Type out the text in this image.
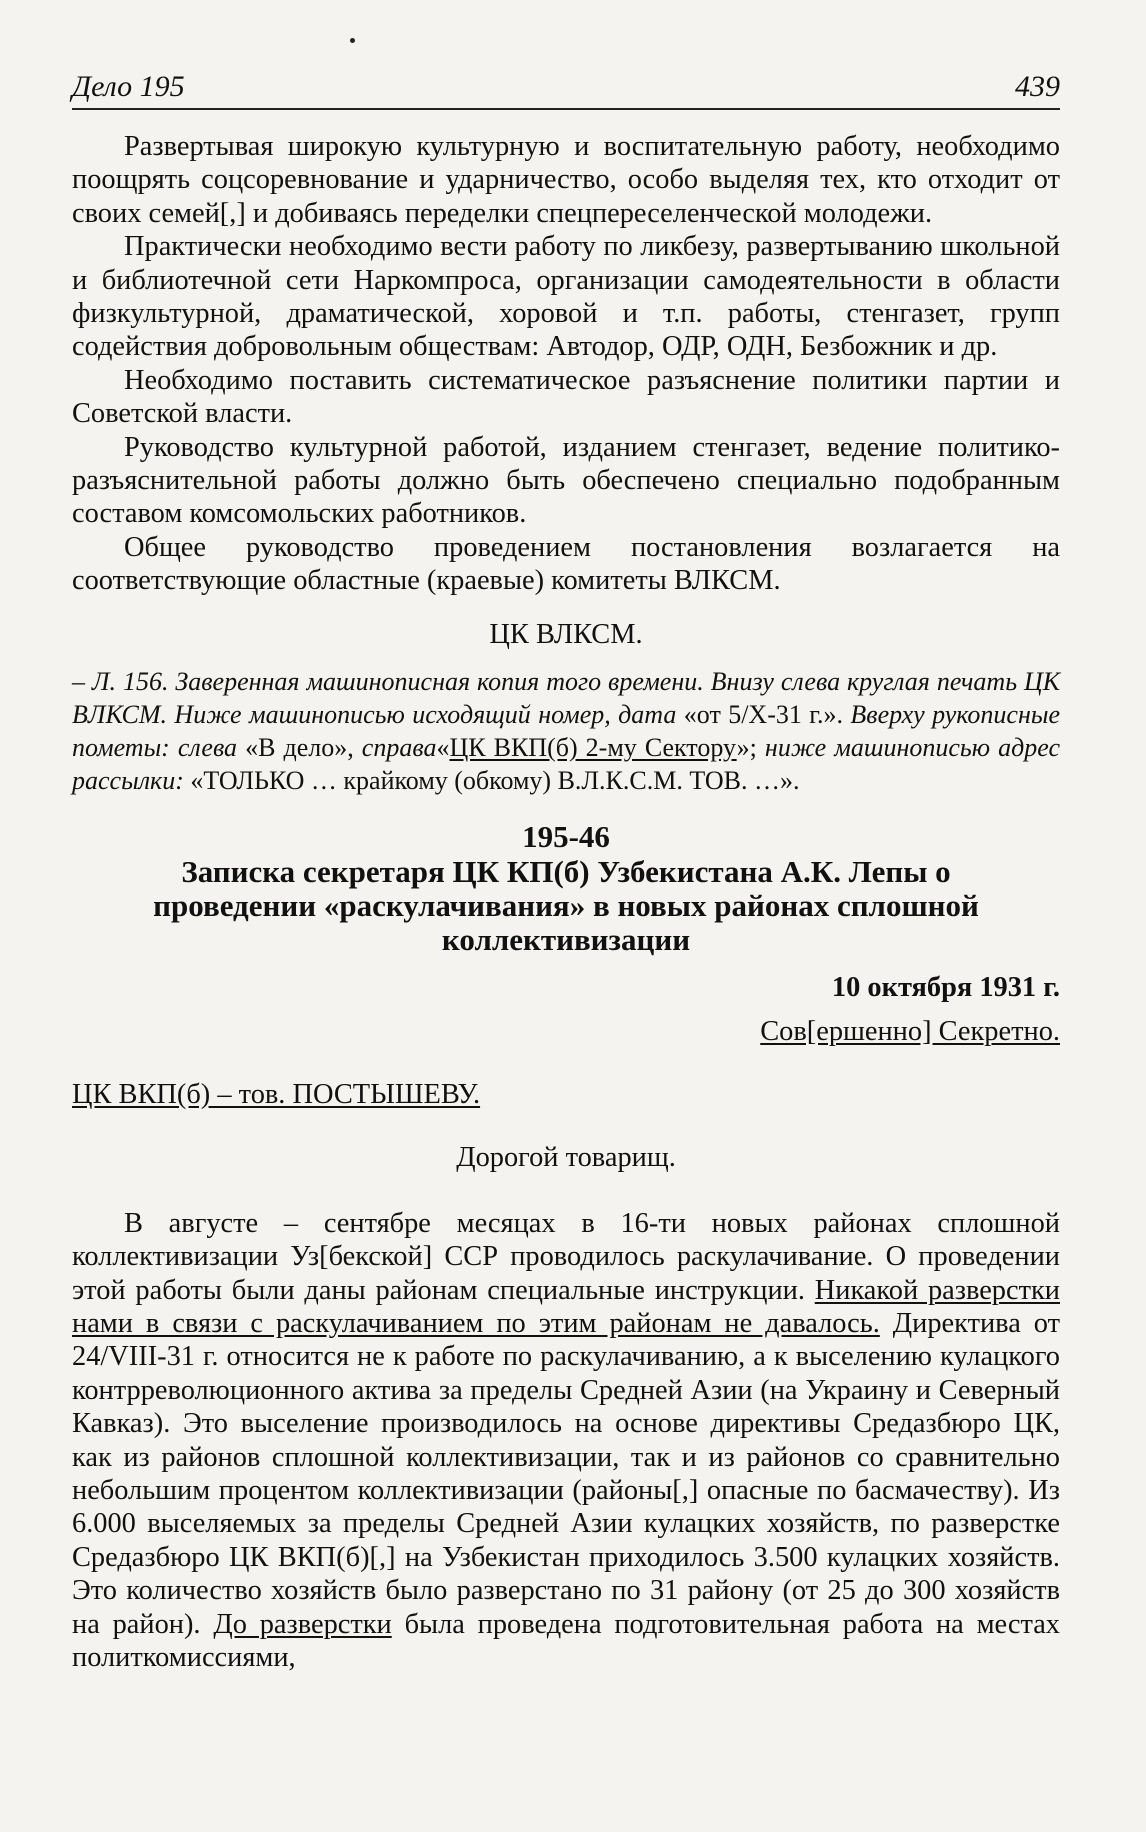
Дело 195	439

Развертывая широкую культурную и воспитательную работу, необходимо поощрять соцсоревнование и ударничество, особо выделяя тех, кто отходит от своих семей[,] и добиваясь переделки спецпереселенческой молодежи.

Практически необходимо вести работу по ликбезу, развертыванию школьной и библиотечной сети Наркомпроса, организации самодеятельности в области физкультурной, драматической, хоровой и т.п. работы, стенгазет, групп содействия добровольным обществам: Автодор, ОДР, ОДН, Безбожник и др.

Необходимо поставить систематическое разъяснение политики партии и Советской власти.

Руководство культурной работой, изданием стенгазет, ведение политико-разъяснительной работы должно быть обеспечено специально подобранным составом комсомольских работников.

Общее руководство проведением постановления возлагается на соответствующие областные (краевые) комитеты ВЛКСМ.

ЦК ВЛКСМ.
– Л. 156. Заверенная машинописная копия того времени. Внизу слева круглая печать ЦК ВЛКСМ. Ниже машинописью исходящий номер, дата «от 5/X-31 г.». Вверху рукописные пометы: слева «В дело», справа«ЦК ВКП(б) 2-му Сектору»; ниже машинописью адрес рассылки: «ТОЛЬКО … крайкому (обкому) В.Л.К.С.М. ТОВ. …».
195-46
Записка секретаря ЦК КП(б) Узбекистана А.К. Лепы о проведении «раскулачивания» в новых районах сплошной коллективизации
10 октября 1931 г.
Сов[ершенно] Секретно.
ЦК ВКП(б) – тов. ПОСТЫШЕВУ.
Дорогой товарищ.

В августе – сентябре месяцах в 16-ти новых районах сплошной коллективизации Уз[бекской] ССР проводилось раскулачивание. О проведении этой работы были даны районам специальные инструкции. Никакой разверстки нами в связи с раскулачиванием по этим районам не давалось. Директива от 24/VIII-31 г. относится не к работе по раскулачиванию, а к выселению кулацкого контрреволюционного актива за пределы Средней Азии (на Украину и Северный Кавказ). Это выселение производилось на основе директивы Средазбюро ЦК, как из районов сплошной коллективизации, так и из районов со сравнительно небольшим процентом коллективизации (районы[,] опасные по басмачеству). Из 6.000 выселяемых за пределы Средней Азии кулацких хозяйств, по разверстке Средазбюро ЦК ВКП(б)[,] на Узбекистан приходилось 3.500 кулацких хозяйств. Это количество хозяйств было разверстано по 31 району (от 25 до 300 хозяйств на район). До разверстки была проведена подготовительная работа на местах политкомиссиями,
